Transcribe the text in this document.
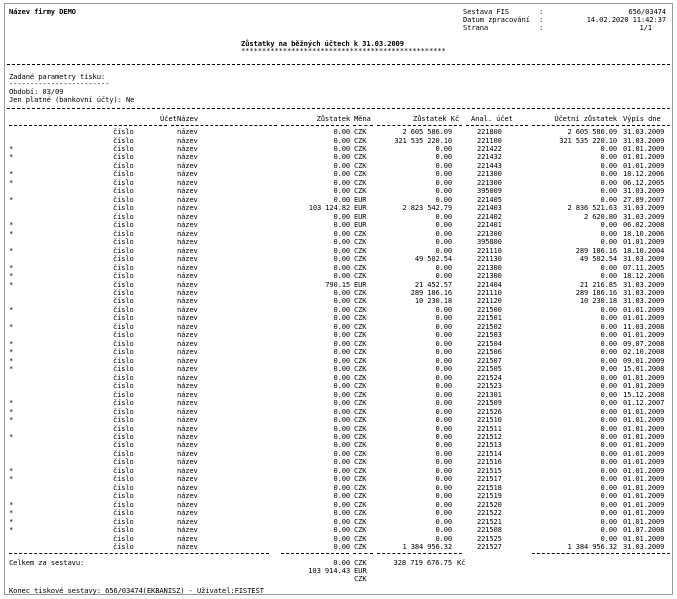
Název firmy DEMO	Sestava FIS	:	656/03474
Datum zpracování :	14.02.2020 11:42:37
Strana	:	1/1
Zůstatky na běžných účtech k 31.03.2009
*************************************************
Zadané parametry tisku:
------------------------
Období: 03/09
Jen platné (bankovní účty): Ne
Účet Název	Zůstatek Měna	Zůstatek Kč Anal. účet	Účetní zůstatek Výpis dne
číslo	název	0.00 CZK	2 605 586.09	221800	2 605 586.09 31.03.2009
číslo	název	0.00 CZK	321 535 220.10	221100	321 535 220.10 31.03.2009
*	číslo	název	0.00 CZK	0.00	221422	0.00 01.01.2009
*	číslo	název	0.00 CZK	0.00	221432	0.00 01.01.2009
číslo	název	0.00 CZK	0.00	221443	0.00 01.01.2009
*	číslo	název	0.00 CZK	0.00	221300	0.00 18.12.2006
*	číslo	název	0.00 CZK	0.00	221300	0.00 06.12.2005
číslo	název	0.00 CZK	0.00	395009	0.00 31.03.2009
*	číslo	název	0.00 EUR	0.00	221405	0.00 27.09.2007
číslo	název	103 124.82 EUR	2 823 542.79	221403	2 836 521.63 31.03.2009
číslo	název	0.00 EUR	0.00	221402	2 620.80 31.03.2009
*	číslo	název	0.00 EUR	0.00	221401	0.00 06.02.2008
*	číslo	název	0.00 CZK	0.00	221300	0.00 18.10.2006
číslo	název	0.00 CZK	0.00	395800	0.00 01.01.2009
*	číslo	název	0.00 CZK	0.00	221110	289 186.16 18.10.2004
číslo	název	0.00 CZK	49 502.54	221130	49 502.54 31.03.2009
*	číslo	název	0.00 CZK	0.00	221300	0.00 07.11.2005
*	číslo	název	0.00 CZK	0.00	221300	0.00 18.12.2006
*	číslo	název	790.15 EUR	21 452.57	221404	21 216.85 31.03.2009
číslo	název	0.00 CZK	289 186.16	221110	289 186.16 31.03.2009
číslo	název	0.00 CZK	10 230.18	221120	10 230.18 31.03.2009
*	číslo	název	0.00 CZK	0.00	221500	0.00 01.01.2009
číslo	název	0.00 CZK	0.00	221501	0.00 01.01.2009
*	číslo	název	0.00 CZK	0.00	221502	0.00 11.03.2008
číslo	název	0.00 CZK	0.00	221503	0.00 01.01.2009
*	číslo	název	0.00 CZK	0.00	221504	0.00 09.07.2008
*	číslo	název	0.00 CZK	0.00	221506	0.00 02.10.2008
*	číslo	název	0.00 CZK	0.00	221507	0.00 09.01.2009
*	číslo	název	0.00 CZK	0.00	221505	0.00 15.01.2008
číslo	název	0.00 CZK	0.00	221524	0.00 01.01.2009
číslo	název	0.00 CZK	0.00	221523	0.00 01.01.2009
číslo	název	0.00 CZK	0.00	221301	0.00 15.12.2008
*	číslo	název	0.00 CZK	0.00	221509	0.00 01.12.2007
*	číslo	název	0.00 CZK	0.00	221526	0.00 01.01.2009
*	číslo	název	0.00 CZK	0.00	221510	0.00 01.01.2009
číslo	název	0.00 CZK	0.00	221511	0.00 01.01.2009
*	číslo	název	0.00 CZK	0.00	221512	0.00 01.01.2009
číslo	název	0.00 CZK	0.00	221513	0.00 01.01.2009
číslo	název	0.00 CZK	0.00	221514	0.00 01.01.2009
číslo	název	0.00 CZK	0.00	221516	0.00 01.01.2009
*	číslo	název	0.00 CZK	0.00	221515	0.00 01.01.2009
*	číslo	název	0.00 CZK	0.00	221517	0.00 01.01.2009
číslo	název	0.00 CZK	0.00	221518	0.00 01.01.2009
číslo	název	0.00 CZK	0.00	221519	0.00 01.01.2009
*	číslo	název	0.00 CZK	0.00	221520	0.00 01.01.2009
*	číslo	název	0.00 CZK	0.00	221522	0.00 01.01.2009
*	číslo	název	0.00 CZK	0.00	221521	0.00 01.01.2009
*	číslo	název	0.00 CZK	0.00	221508	0.00 01.07.2008
číslo	název	0.00 CZK	0.00	221525	0.00 01.01.2009
číslo	název	0.00 CZK	1 384 956.32	221527	1 384 956.32 31.03.2009
Celkem za sestavu:	328 719 676.75 Kč
0.00 CZK
103 914.43 EUR
CZK
Konec tiskové sestavy: 656/03474(EKBANISZ) - Uživatel:FISTEST
